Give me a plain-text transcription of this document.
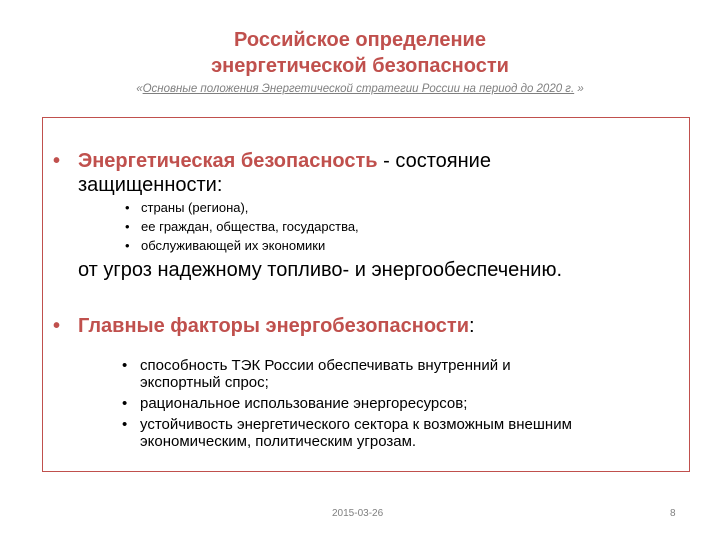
Российское определение
энергетической безопасности
«Основные положения Энергетической стратегии России на период до 2020 г. »
• Энергетическая безопасность - состояние
защищенности:
• страны (региона),
• ее граждан, общества, государства,
• обслуживающей их экономики
от угроз надежному топливо- и энергообеспечению.
• Главные факторы энергобезопасности:
• способность ТЭК России обеспечивать внутренний и
экспортный спрос;
• рациональное использование энергоресурсов;
• устойчивость энергетического сектора к возможным внешним
экономическим, политическим угрозам.
2015-03-26	8
